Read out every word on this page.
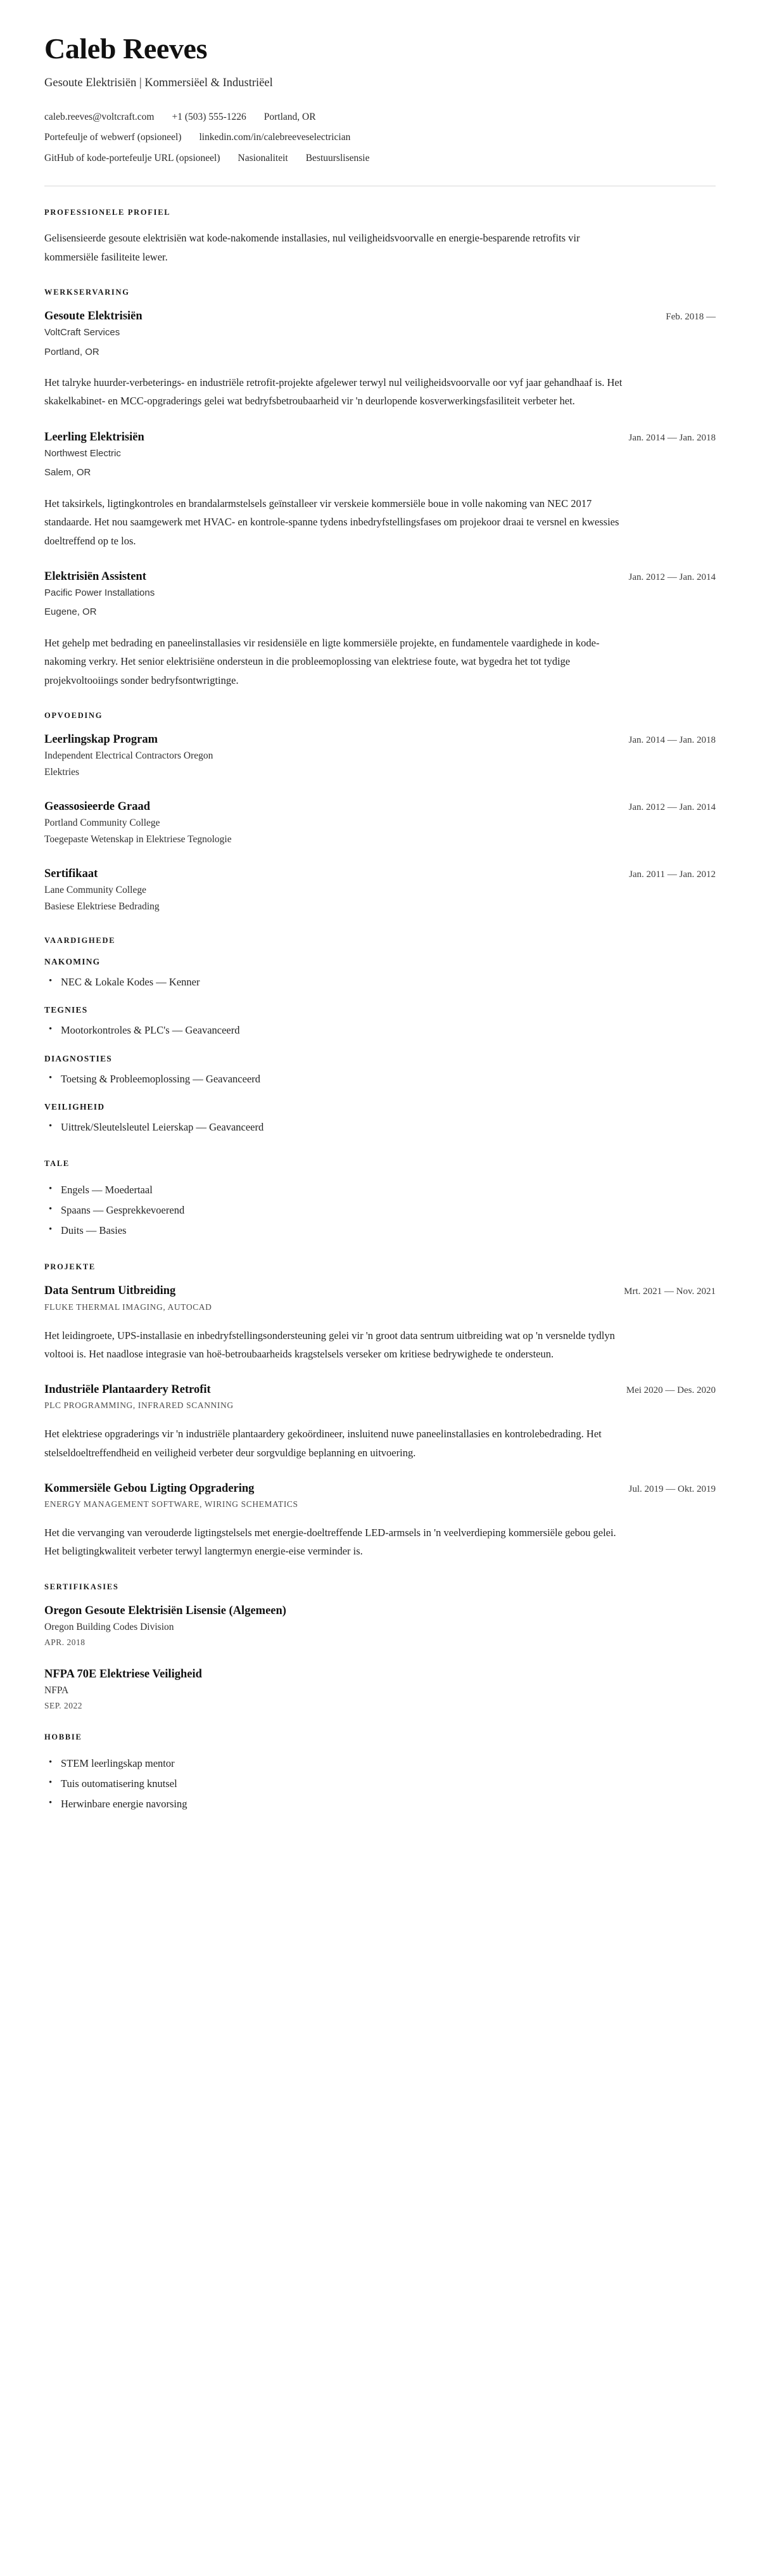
Caleb Reeves
Gesoute Elektrisiën | Kommersiëel & Industriëel
caleb.reeves@voltcraft.com +1 (503) 555-1226 Portland, OR
Portefeulje of webwerf (opsioneel) linkedin.com/in/calebreeveselectrician
GitHub of kode-portefeulje URL (opsioneel) Nasionaliteit Bestuurslisensie
PROFESSIONELE PROFIEL

Gelisensieerde gesoute elektrisiën wat kode-nakomende installasies, nul veiligheidsvoorvalle en energie-besparende retrofits vir kommersiële fasiliteite lewer.

WERKSERVARING
Gesoute Elektrisiën	Feb. 2018 —
VoltCraft Services
Portland, OR

Het talryke huurder-verbeterings- en industriële retrofit-projekte afgelewer terwyl nul veiligheidsvoorvalle oor vyf jaar gehandhaaf is. Het skakelkabinet- en MCC-opgraderings gelei wat bedryfsbetroubaarheid vir 'n deurlopende kosverwerkingsfasiliteit verbeter het.

Leerling Elektrisiën	Jan. 2014 — Jan. 2018
Northwest Electric
Salem, OR

Het taksirkels, ligtingkontroles en brandalarmstelsels geïnstalleer vir verskeie kommersiële boue in volle nakoming van NEC 2017 standaarde. Het nou saamgewerk met HVAC- en kontrole-spanne tydens inbedryfstellingsfases om projekoor draai te versnel en kwessies doeltreffend op te los.

Elektrisiën Assistent	Jan. 2012 — Jan. 2014
Pacific Power Installations
Eugene, OR

Het gehelp met bedrading en paneelinstallasies vir residensiële en ligte kommersiële projekte, en fundamentele vaardighede in kode-nakoming verkry. Het senior elektrisiëne ondersteun in die probleemoplossing van elektriese foute, wat bygedra het tot tydige projekvoltooiings sonder bedryfsontwrigtinge.

OPVOEDING
Leerlingskap Program	Jan. 2014 — Jan. 2018
Independent Electrical Contractors Oregon
Elektries
Geassosieerde Graad	Jan. 2012 — Jan. 2014
Portland Community College
Toegepaste Wetenskap in Elektriese Tegnologie
Sertifikaat	Jan. 2011 — Jan. 2012
Lane Community College
Basiese Elektriese Bedrading
VAARDIGHEDE
NAKOMING
• NEC & Lokale Kodes — Kenner
TEGNIES
• Mootorkontroles & PLC's — Geavanceerd
DIAGNOSTIES
• Toetsing & Probleemoplossing — Geavanceerd
VEILIGHEID
• Uittrek/Sleutelsleutel Leierskap — Geavanceerd
TALE
• Engels — Moedertaal
• Spaans — Gesprekkevoerend
• Duits — Basies
PROJEKTE
Data Sentrum Uitbreiding	Mrt. 2021 — Nov. 2021
FLUKE THERMAL IMAGING, AUTOCAD

Het leidingroete, UPS-installasie en inbedryfstellingsondersteuning gelei vir 'n groot data sentrum uitbreiding wat op 'n versnelde tydlyn voltooi is. Het naadlose integrasie van hoë-betroubaarheids kragstelsels verseker om kritiese bedrywighede te ondersteun.

Industriële Plantaardery Retrofit	Mei 2020 — Des. 2020
PLC PROGRAMMING, INFRARED SCANNING

Het elektriese opgraderings vir 'n industriële plantaardery gekoördineer, insluitend nuwe paneelinstallasies en kontrolebedrading. Het stelseldoeltreffendheid en veiligheid verbeter deur sorgvuldige beplanning en uitvoering.

Kommersiële Gebou Ligting Opgradering	Jul. 2019 — Okt. 2019
ENERGY MANAGEMENT SOFTWARE, WIRING SCHEMATICS

Het die vervanging van verouderde ligtingstelsels met energie-doeltreffende LED-armsels in 'n veelverdieping kommersiële gebou gelei. Het beligtingkwaliteit verbeter terwyl langtermyn energie-eise verminder is.

SERTIFIKASIES
Oregon Gesoute Elektrisiën Lisensie (Algemeen)
Oregon Building Codes Division
APR. 2018
NFPA 70E Elektriese Veiligheid
NFPA
SEP. 2022
HOBBIE
• STEM leerlingskap mentor
• Tuis outomatisering knutsel
• Herwinbare energie navorsing
